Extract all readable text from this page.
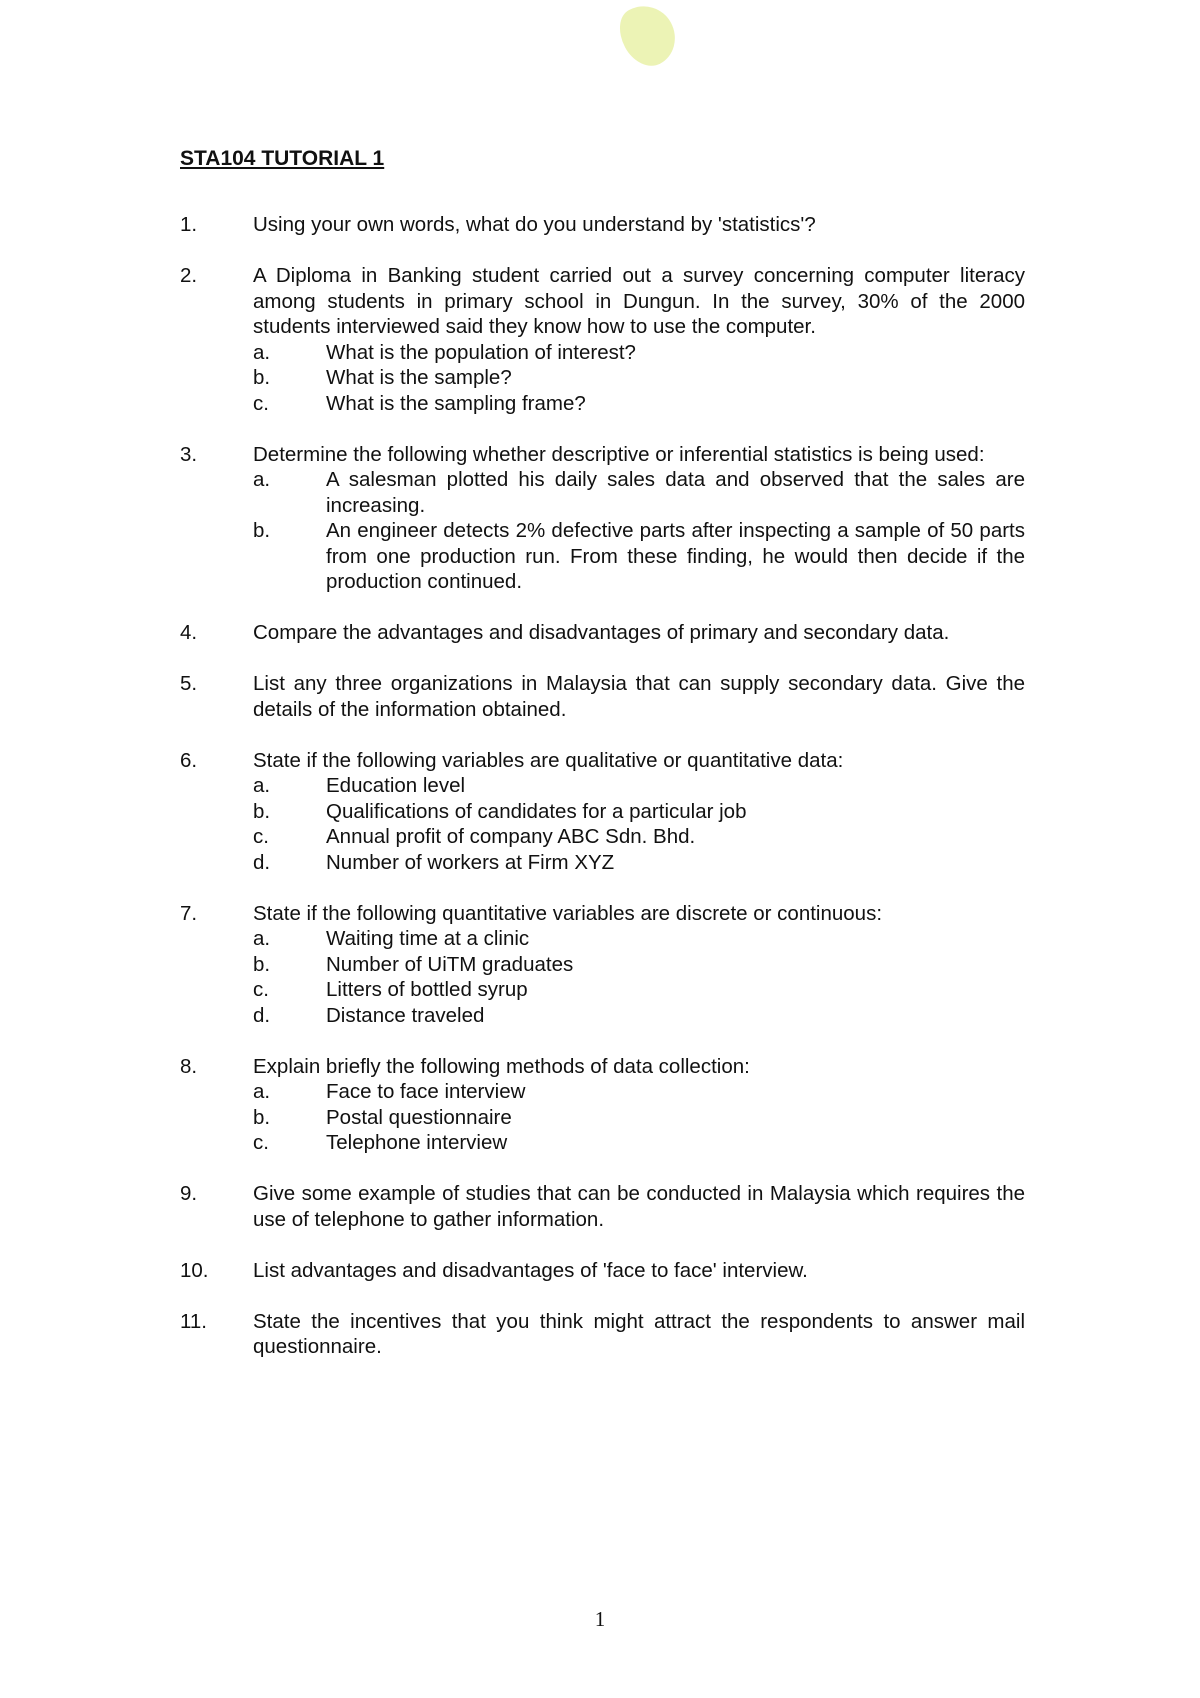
STA104 TUTORIAL 1
1.	Using your own words, what do you understand by 'statistics'?
2.	A Diploma in Banking student carried out a survey concerning computer literacy among students in primary school in Dungun. In the survey, 30% of the 2000 students interviewed said they know how to use the computer.
a.	What is the population of interest?
b.	What is the sample?
c.	What is the sampling frame?
3.	Determine the following whether descriptive or inferential statistics is being used:
a.	A salesman plotted his daily sales data and observed that the sales are increasing.
b.	An engineer detects 2% defective parts after inspecting a sample of 50 parts from one production run. From these finding, he would then decide if the production continued.
4.	Compare the advantages and disadvantages of primary and secondary data.
5.	List any three organizations in Malaysia that can supply secondary data. Give the details of the information obtained.
6.	State if the following variables are qualitative or quantitative data:
a.	Education level
b.	Qualifications of candidates for a particular job
c.	Annual profit of company ABC Sdn. Bhd.
d.	Number of workers at Firm XYZ
7.	State if the following quantitative variables are discrete or continuous:
a.	Waiting time at a clinic
b.	Number of UiTM graduates
c.	Litters of bottled syrup
d.	Distance traveled
8.	Explain briefly the following methods of data collection:
a.	Face to face interview
b.	Postal questionnaire
c.	Telephone interview
9.	Give some example of studies that can be conducted in Malaysia which requires the use of telephone to gather information.
10. List advantages and disadvantages of 'face to face' interview.
11. State the incentives that you think might attract the respondents to answer mail questionnaire.
1
